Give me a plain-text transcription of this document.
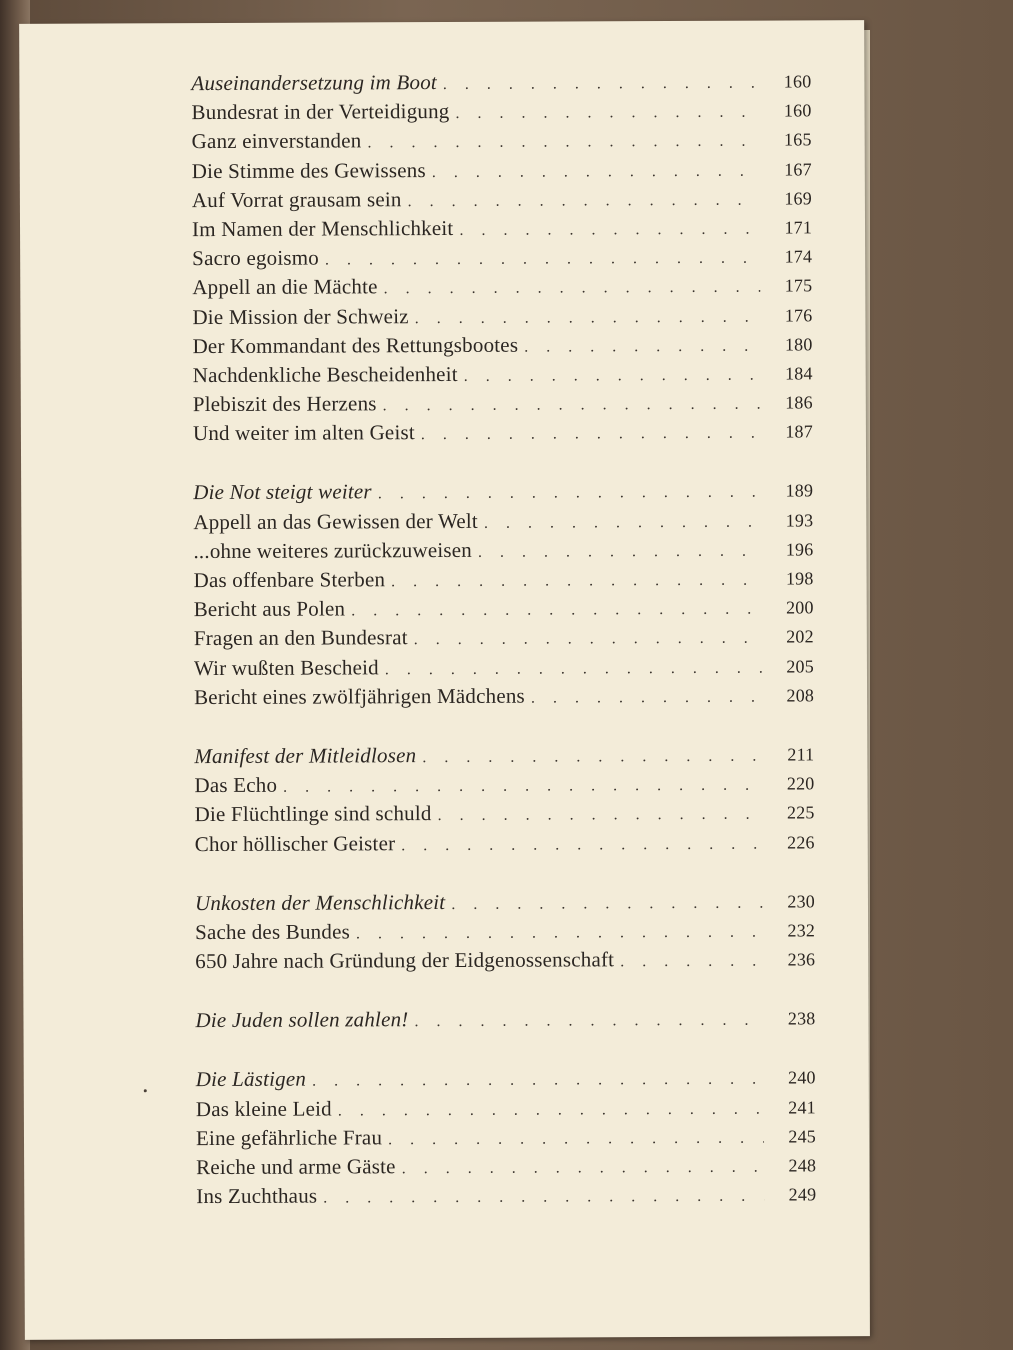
Auseinandersetzung im Boot . . .	160
Bundesrat in der Verteidigung . . .	160
Ganz einverstanden . . .	165
Die Stimme des Gewissens . . .	167
Auf Vorrat grausam sein . . .	169
Im Namen der Menschlichkeit . . .	171
Sacro egoismo . . .	174
Appell an die Mächte . . .	175
Die Mission der Schweiz . . .	176
Der Kommandant des Rettungsbootes . . .	180
Nachdenkliche Bescheidenheit . . .	184
Plebiszit des Herzens . . .	186
Und weiter im alten Geist . . .	187
Die Not steigt weiter . . .	189
Appell an das Gewissen der Welt . . .	193
...ohne weiteres zurückzuweisen . . .	196
Das offenbare Sterben . . .	198
Bericht aus Polen . . .	200
Fragen an den Bundesrat . . .	202
Wir wußten Bescheid . . .	205
Bericht eines zwölfjährigen Mädchens . . .	208
Manifest der Mitleidlosen . . .	211
Das Echo . . .	220
Die Flüchtlinge sind schuld . . .	225
Chor höllischer Geister . . .	226
Unkosten der Menschlichkeit . . .	230
Sache des Bundes . . .	232
650 Jahre nach Gründung der Eidgenossenschaft . . .	236
Die Juden sollen zahlen! . . .	238
Die Lästigen . . .	240
Das kleine Leid . . .	241
Eine gefährliche Frau . . .	245
Reiche und arme Gäste . . .	248
Ins Zuchthaus . . .	249
